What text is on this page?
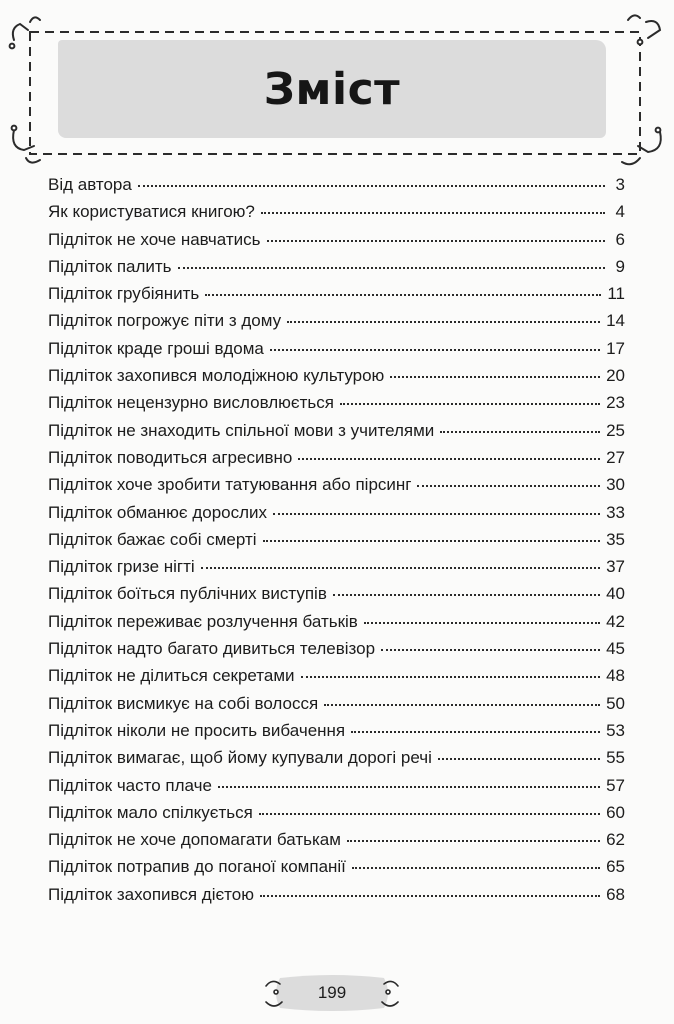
Зміст
Від автора	3
Як користуватися книгою?	4
Підліток не хоче навчатись	6
Підліток палить	9
Підліток грубіянить	11
Підліток погрожує піти з дому	14
Підліток краде гроші вдома	17
Підліток захопився молодіжною культурою	20
Підліток нецензурно висловлюється	23
Підліток не знаходить спільної мови з учителями	25
Підліток поводиться агресивно	27
Підліток хоче зробити татуювання або пірсинг	30
Підліток обманює дорослих	33
Підліток бажає собі смерті	35
Підліток гризе нігті	37
Підліток боїться публічних виступів	40
Підліток переживає розлучення батьків	42
Підліток надто багато дивиться телевізор	45
Підліток не ділиться секретами	48
Підліток висмикує на собі волосся	50
Підліток ніколи не просить вибачення	53
Підліток вимагає, щоб йому купували дорогі речі	55
Підліток часто плаче	57
Підліток мало спілкується	60
Підліток не хоче допомагати батькам	62
Підліток потрапив до поганої компанії	65
Підліток захопився дієтою	68
199
